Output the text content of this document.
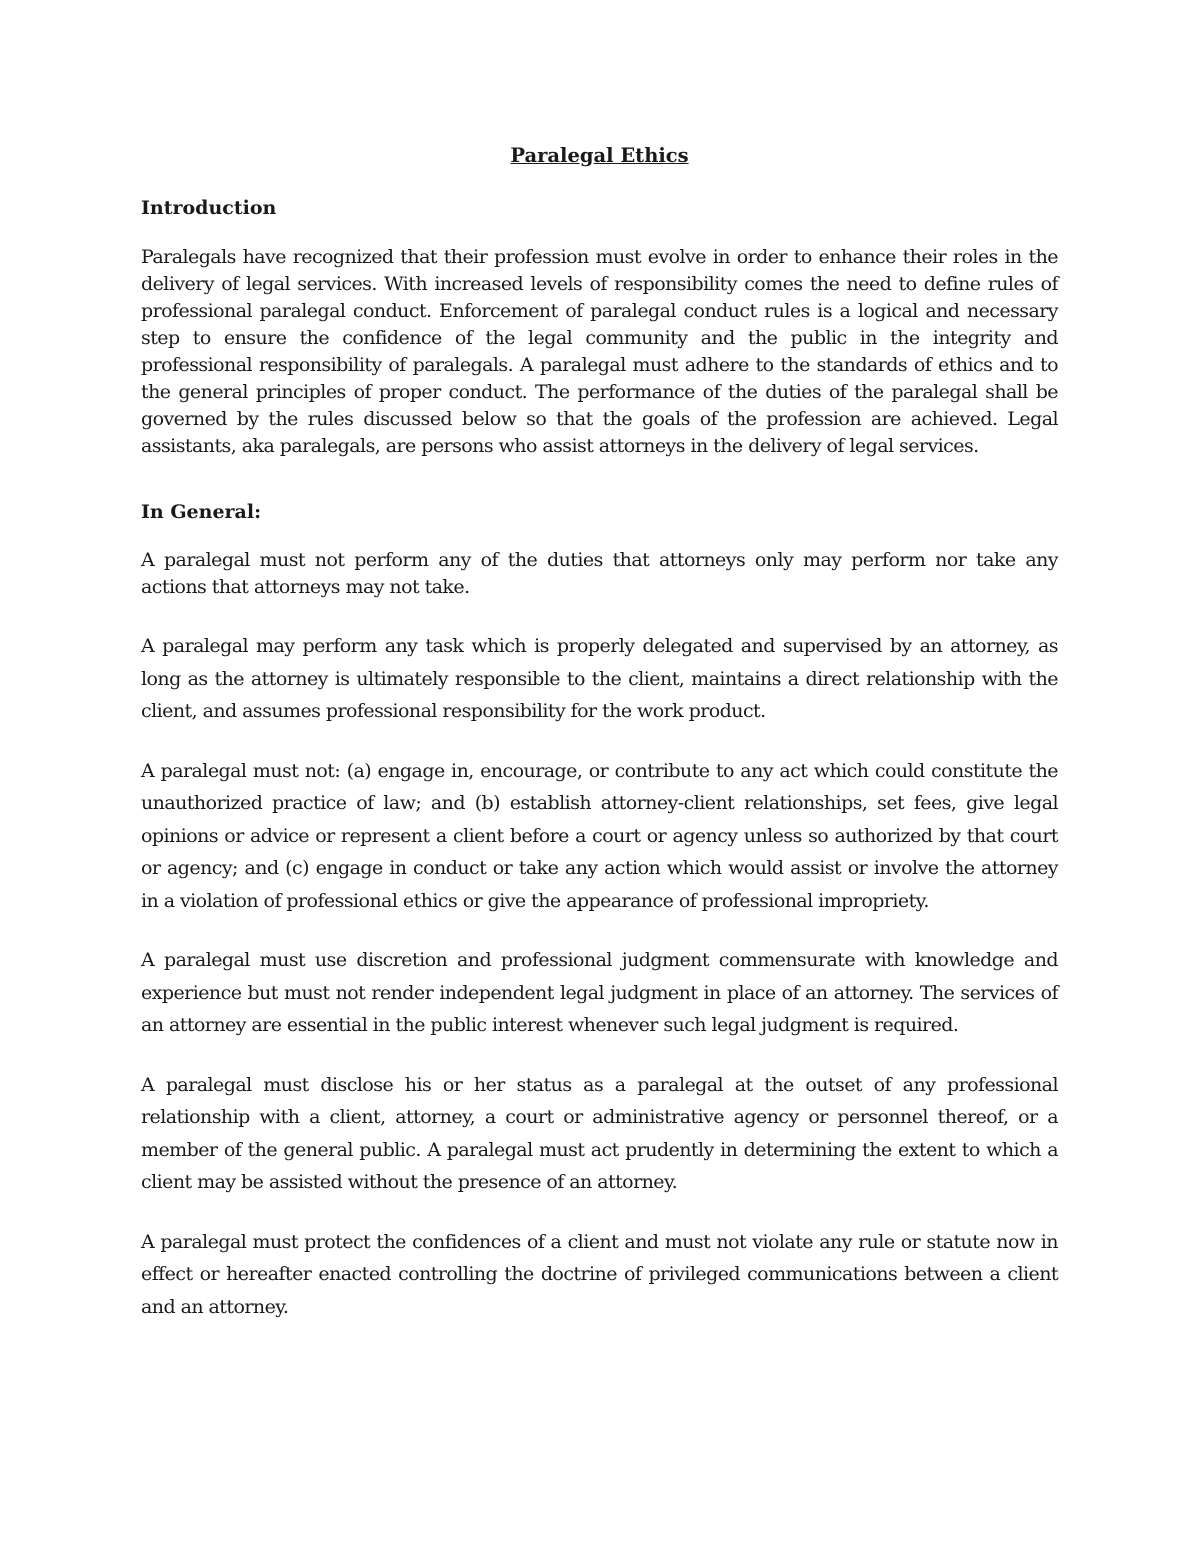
Paralegal Ethics
Introduction

Paralegals have recognized that their profession must evolve in order to enhance their roles in the delivery of legal services. With increased levels of responsibility comes the need to define rules of professional paralegal conduct. Enforcement of paralegal conduct rules is a logical and necessary step to ensure the confidence of the legal community and the public in the integrity and professional responsibility of paralegals. A paralegal must adhere to the standards of ethics and to the general principles of proper conduct. The performance of the duties of the paralegal shall be governed by the rules discussed below so that the goals of the profession are achieved. Legal assistants, aka paralegals, are persons who assist attorneys in the delivery of legal services.

In General:

A paralegal must not perform any of the duties that attorneys only may perform nor take any actions that attorneys may not take.

A paralegal may perform any task which is properly delegated and supervised by an attorney, as long as the attorney is ultimately responsible to the client, maintains a direct relationship with the client, and assumes professional responsibility for the work product.

A paralegal must not: (a) engage in, encourage, or contribute to any act which could constitute the unauthorized practice of law; and (b) establish attorney-client relationships, set fees, give legal opinions or advice or represent a client before a court or agency unless so authorized by that court or agency; and (c) engage in conduct or take any action which would assist or involve the attorney in a violation of professional ethics or give the appearance of professional impropriety.

A paralegal must use discretion and professional judgment commensurate with knowledge and experience but must not render independent legal judgment in place of an attorney. The services of an attorney are essential in the public interest whenever such legal judgment is required.

A paralegal must disclose his or her status as a paralegal at the outset of any professional relationship with a client, attorney, a court or administrative agency or personnel thereof, or a member of the general public. A paralegal must act prudently in determining the extent to which a client may be assisted without the presence of an attorney.

A paralegal must protect the confidences of a client and must not violate any rule or statute now in effect or hereafter enacted controlling the doctrine of privileged communications between a client and an attorney.
